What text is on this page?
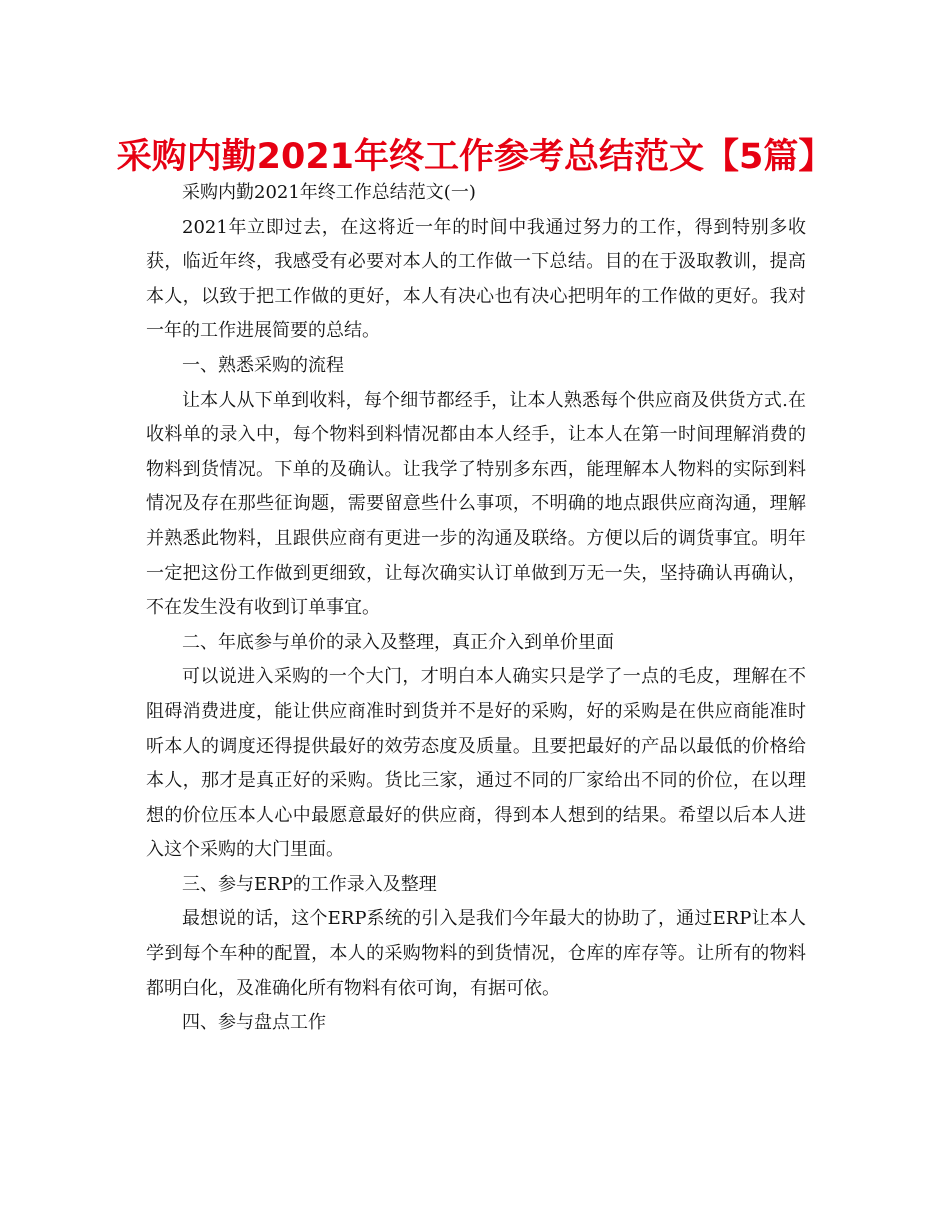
采购内勤2021年终工作参考总结范文【5篇】

采购内勤2021年终工作总结范文(一)

2021年立即过去，在这将近一年的时间中我通过努力的工作，得到特别多收获，临近年终，我感受有必要对本人的工作做一下总结。目的在于汲取教训，提高本人，以致于把工作做的更好，本人有决心也有决心把明年的工作做的更好。我对一年的工作进展简要的总结。

一、熟悉采购的流程

让本人从下单到收料，每个细节都经手，让本人熟悉每个供应商及供货方式.在收料单的录入中，每个物料到料情况都由本人经手，让本人在第一时间理解消费的物料到货情况。下单的及确认。让我学了特别多东西，能理解本人物料的实际到料情况及存在那些征询题，需要留意些什么事项，不明确的地点跟供应商沟通，理解并熟悉此物料，且跟供应商有更进一步的沟通及联络。方便以后的调货事宜。明年一定把这份工作做到更细致，让每次确实认订单做到万无一失，坚持确认再确认，不在发生没有收到订单事宜。

二、年底参与单价的录入及整理，真正介入到单价里面

可以说进入采购的一个大门，才明白本人确实只是学了一点的毛皮，理解在不阻碍消费进度，能让供应商准时到货并不是好的采购，好的采购是在供应商能准时听本人的调度还得提供最好的效劳态度及质量。且要把最好的产品以最低的价格给本人，那才是真正好的采购。货比三家，通过不同的厂家给出不同的价位，在以理想的价位压本人心中最愿意最好的供应商，得到本人想到的结果。希望以后本人进入这个采购的大门里面。

三、参与ERP的工作录入及整理

最想说的话，这个ERP系统的引入是我们今年最大的协助了，通过ERP让本人学到每个车种的配置，本人的采购物料的到货情况，仓库的库存等。让所有的物料都明白化，及准确化所有物料有依可询，有据可依。

四、参与盘点工作
